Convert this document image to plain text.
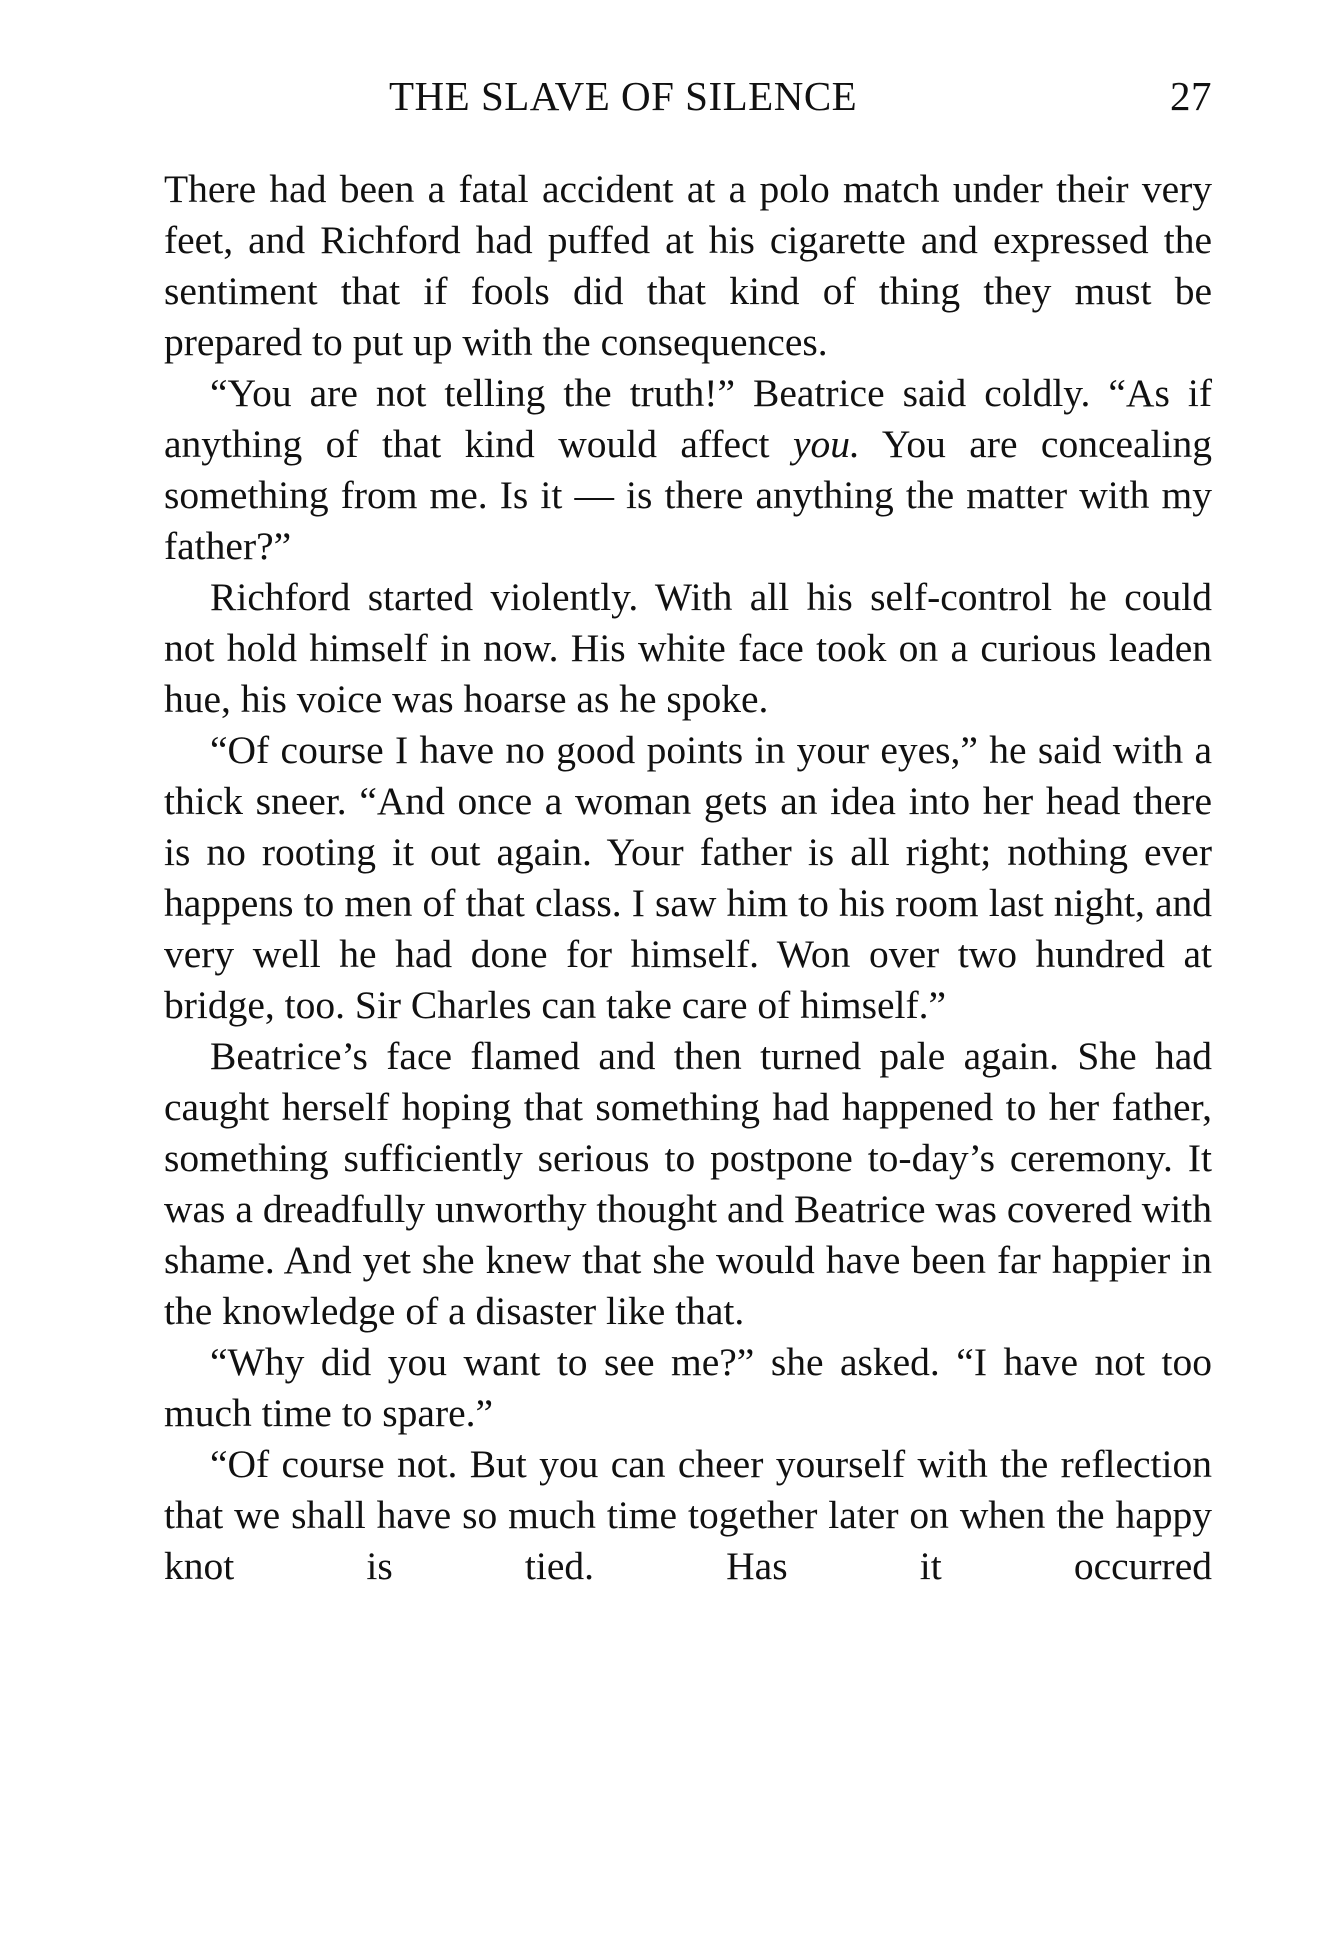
THE SLAVE OF SILENCE	27

There had been a fatal accident at a polo match under their very feet, and Richford had puffed at his cigarette and expressed the sentiment that if fools did that kind of thing they must be prepared to put up with the consequences.

“You are not telling the truth!” Beatrice said coldly. “As if anything of that kind would affect you. You are concealing something from me. Is it — is there anything the matter with my father?”

Richford started violently. With all his self-control he could not hold himself in now. His white face took on a curious leaden hue, his voice was hoarse as he spoke.

“Of course I have no good points in your eyes,” he said with a thick sneer. “And once a woman gets an idea into her head there is no rooting it out again. Your father is all right; nothing ever happens to men of that class. I saw him to his room last night, and very well he had done for himself. Won over two hundred at bridge, too. Sir Charles can take care of himself.”

Beatrice’s face flamed and then turned pale again. She had caught herself hoping that something had happened to her father, something sufficiently serious to postpone to-day’s ceremony. It was a dreadfully unworthy thought and Beatrice was covered with shame. And yet she knew that she would have been far happier in the knowledge of a disaster like that.

“Why did you want to see me?” she asked. “I have not too much time to spare.”

“Of course not. But you can cheer yourself with the reflection that we shall have so much time together later on when the happy knot is tied. Has it occurred
